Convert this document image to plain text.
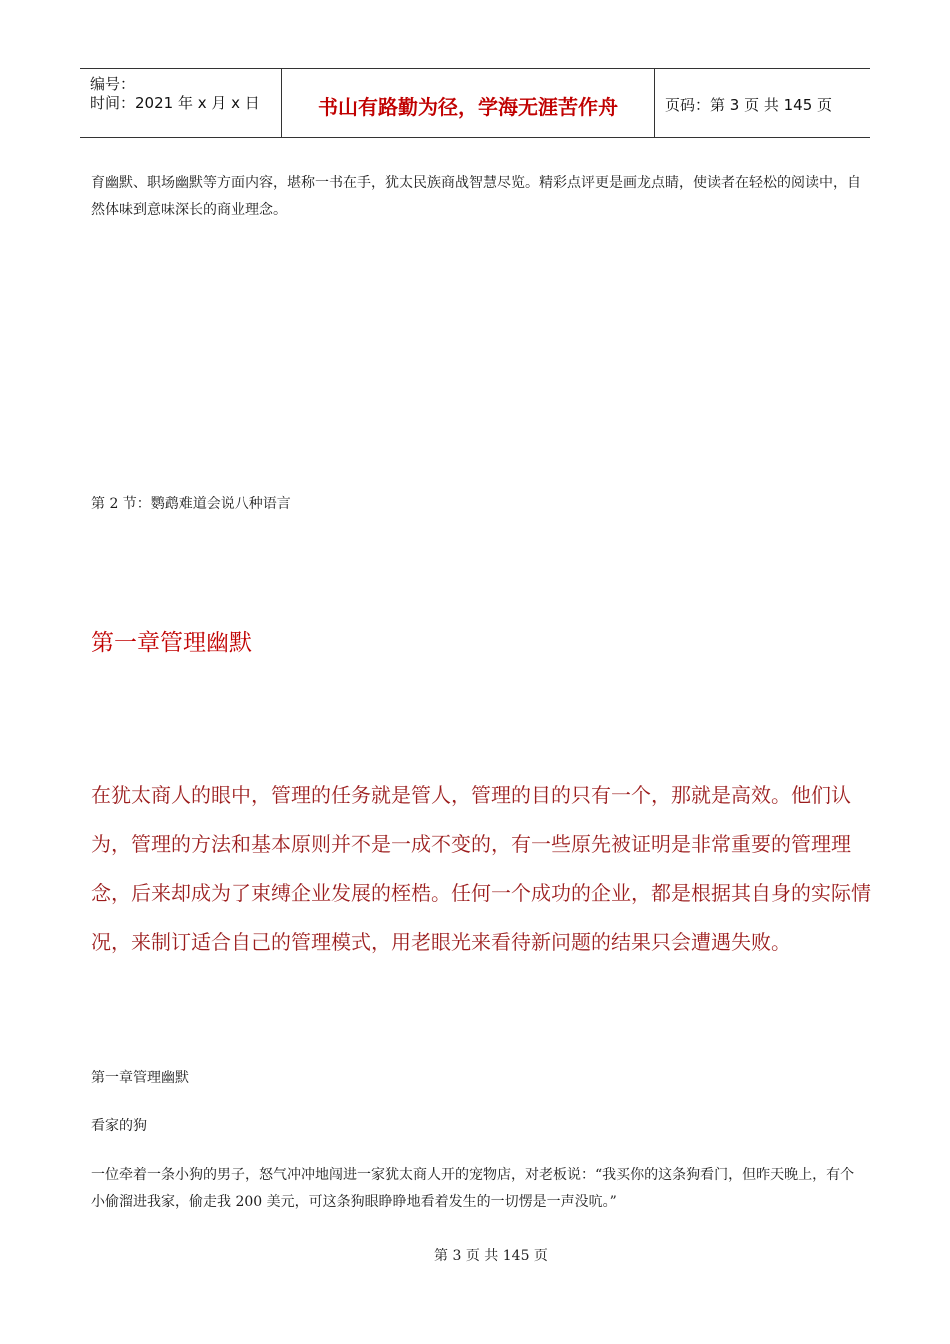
编号：
时间：2021 年 x 月 x 日	书山有路勤为径，学海无涯苦作舟	页码：第 3 页 共 145 页
育幽默、职场幽默等方面内容，堪称一书在手，犹太民族商战智慧尽览。精彩点评更是画龙点睛，使读者在轻松的阅读中，自然体味到意味深长的商业理念。
第 2 节：鹦鹉难道会说八种语言
第一章管理幽默
在犹太商人的眼中，管理的任务就是管人，管理的目的只有一个，那就是高效。他们认为，管理的方法和基本原则并不是一成不变的，有一些原先被证明是非常重要的管理理念，后来却成为了束缚企业发展的桎梏。任何一个成功的企业，都是根据其自身的实际情况，来制订适合自己的管理模式，用老眼光来看待新问题的结果只会遭遇失败。
第一章管理幽默
看家的狗
一位牵着一条小狗的男子，怒气冲冲地闯进一家犹太商人开的宠物店，对老板说：“我买你的这条狗看门，但昨天晚上，有个小偷溜进我家，偷走我 200 美元，可这条狗眼睁睁地看着发生的一切愣是一声没吭。”
第 3 页 共 145 页
